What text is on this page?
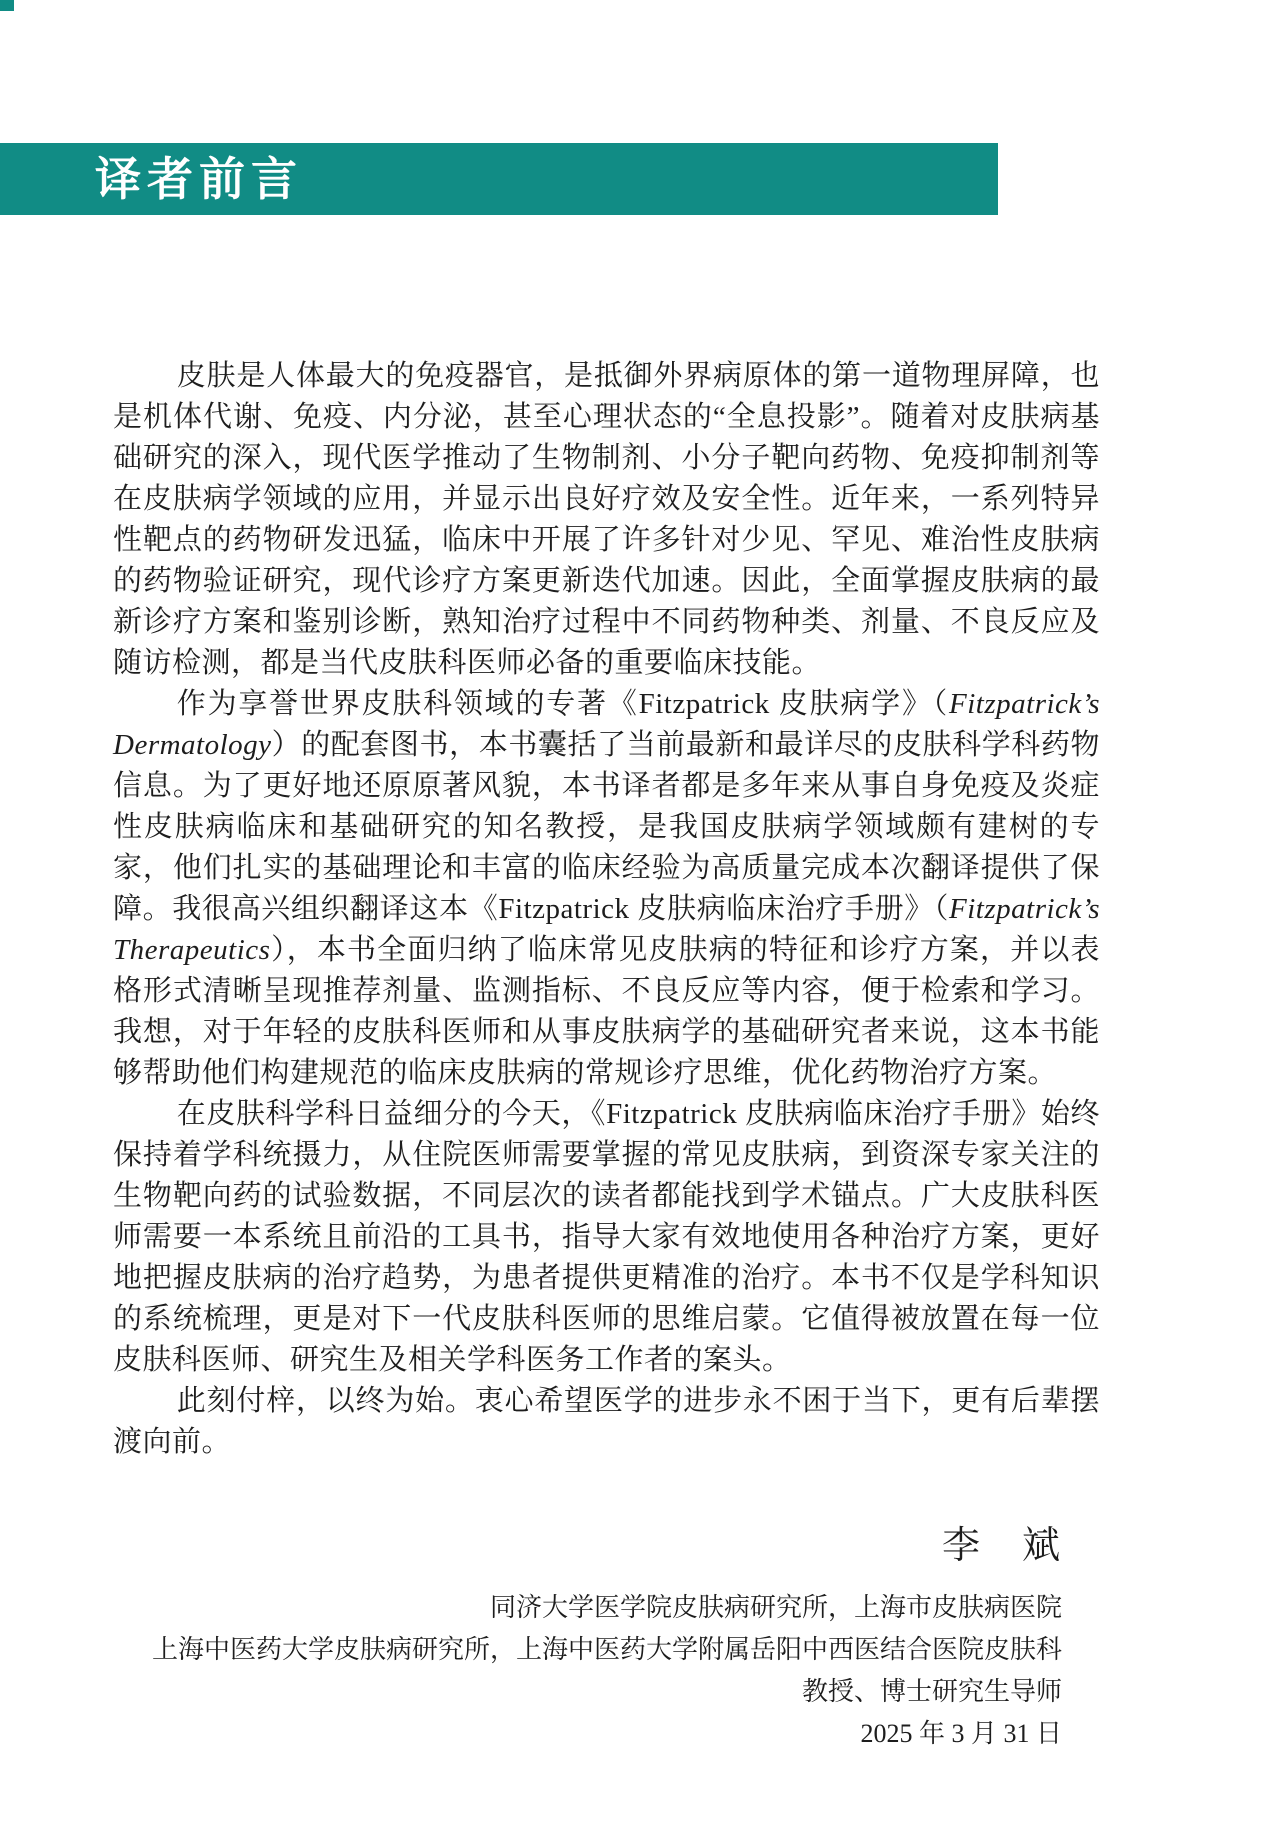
译者前言

皮肤是人体最大的免疫器官，是抵御外界病原体的第一道物理屏障，也是机体代谢、免疫、内分泌，甚至心理状态的“全息投影”。随着对皮肤病基础研究的深入，现代医学推动了生物制剂、小分子靶向药物、免疫抑制剂等在皮肤病学领域的应用，并显示出良好疗效及安全性。近年来，一系列特异性靶点的药物研发迅猛，临床中开展了许多针对少见、罕见、难治性皮肤病的药物验证研究，现代诊疗方案更新迭代加速。因此，全面掌握皮肤病的最新诊疗方案和鉴别诊断，熟知治疗过程中不同药物种类、剂量、不良反应及随访检测，都是当代皮肤科医师必备的重要临床技能。

作为享誉世界皮肤科领域的专著《Fitzpatrick 皮肤病学》（Fitzpatrick’s Dermatology）的配套图书，本书囊括了当前最新和最详尽的皮肤科学科药物信息。为了更好地还原原著风貌，本书译者都是多年来从事自身免疫及炎症性皮肤病临床和基础研究的知名教授，是我国皮肤病学领域颇有建树的专家，他们扎实的基础理论和丰富的临床经验为高质量完成本次翻译提供了保障。我很高兴组织翻译这本《Fitzpatrick 皮肤病临床治疗手册》（Fitzpatrick’s Therapeutics），本书全面归纳了临床常见皮肤病的特征和诊疗方案，并以表格形式清晰呈现推荐剂量、监测指标、不良反应等内容，便于检索和学习。我想，对于年轻的皮肤科医师和从事皮肤病学的基础研究者来说，这本书能够帮助他们构建规范的临床皮肤病的常规诊疗思维，优化药物治疗方案。

在皮肤科学科日益细分的今天，《Fitzpatrick 皮肤病临床治疗手册》始终保持着学科统摄力，从住院医师需要掌握的常见皮肤病，到资深专家关注的生物靶向药的试验数据，不同层次的读者都能找到学术锚点。广大皮肤科医师需要一本系统且前沿的工具书，指导大家有效地使用各种治疗方案，更好地把握皮肤病的治疗趋势，为患者提供更精准的治疗。本书不仅是学科知识的系统梳理，更是对下一代皮肤科医师的思维启蒙。它值得被放置在每一位皮肤科医师、研究生及相关学科医务工作者的案头。

此刻付梓，以终为始。衷心希望医学的进步永不困于当下，更有后辈摆渡向前。

李　斌
同济大学医学院皮肤病研究所，上海市皮肤病医院
上海中医药大学皮肤病研究所，上海中医药大学附属岳阳中西医结合医院皮肤科
教授、博士研究生导师
2025 年 3 月 31 日
